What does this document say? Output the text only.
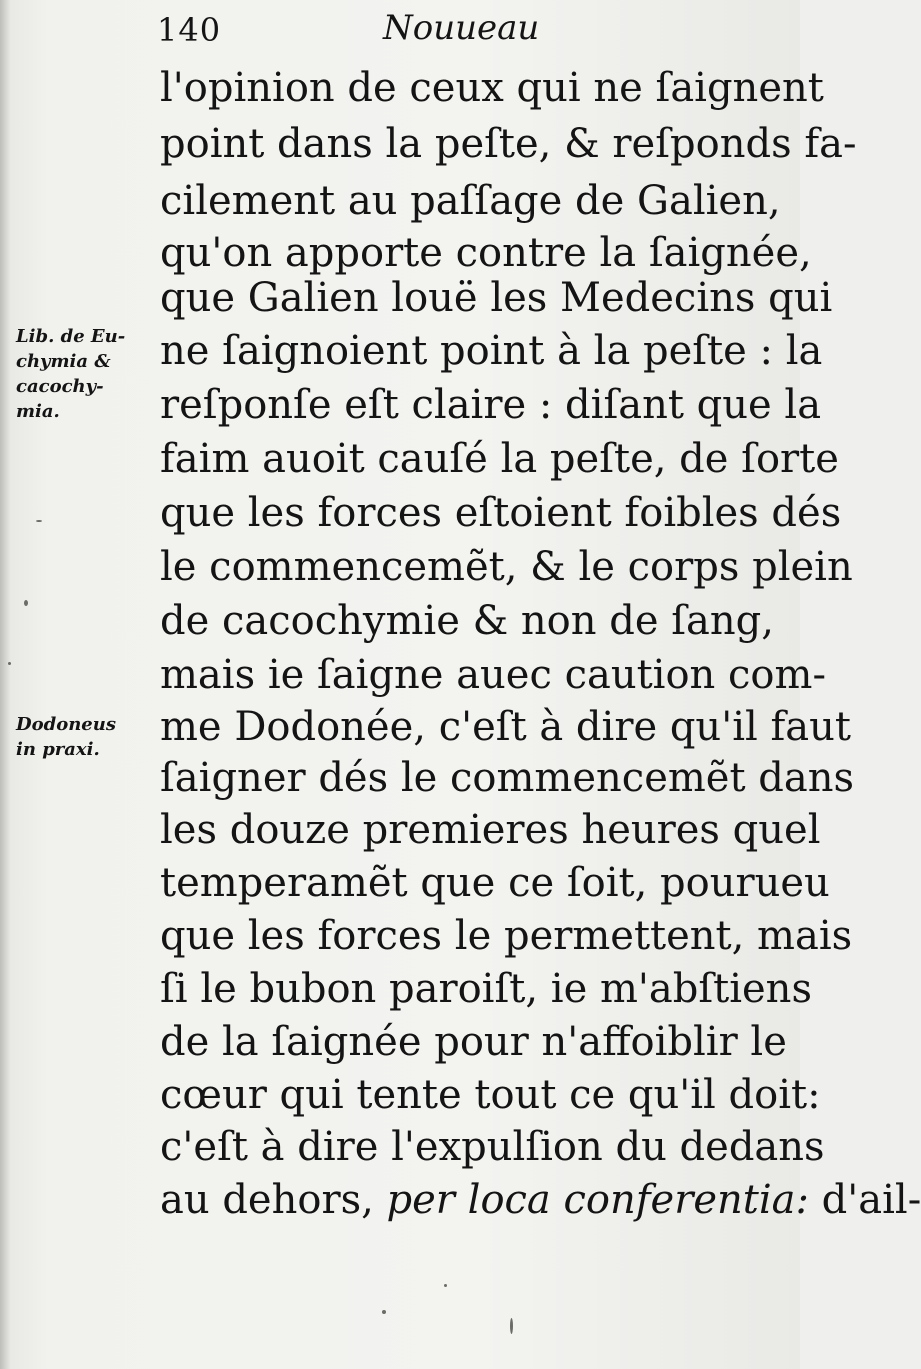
140	Nouueau
l'opinion de ceux qui ne ſaignent
point dans la peſte, & reſponds fa-
cilement au paſſage de Galien,
qu'on apporte contre la ſaignée,
que Galien louë les Medecins qui
ne ſaignoient point à la peſte : la
reſponſe eſt claire : diſant que la
faim auoit cauſé la peſte, de ſorte
que les forces eſtoient foibles dés
le commencemẽt, & le corps plein
de cacochymie & non de ſang,
mais ie ſaigne auec caution com-
me Dodonée, c'eſt à dire qu'il faut
ſaigner dés le commencemẽt dans
les douze premieres heures quel
temperamẽt que ce ſoit, pourueu
que les forces le permettent, mais
ſi le bubon paroiſt, ie m'abſtiens
de la ſaignée pour n'affoiblir le
cœur qui tente tout ce qu'il doit:
c'eſt à dire l'expulſion du dedans
au dehors, per loca conferentia: d'ail-
Lib. de Eu-
chymia &
cacochy-
mia.
Dodoneus
in praxi.
